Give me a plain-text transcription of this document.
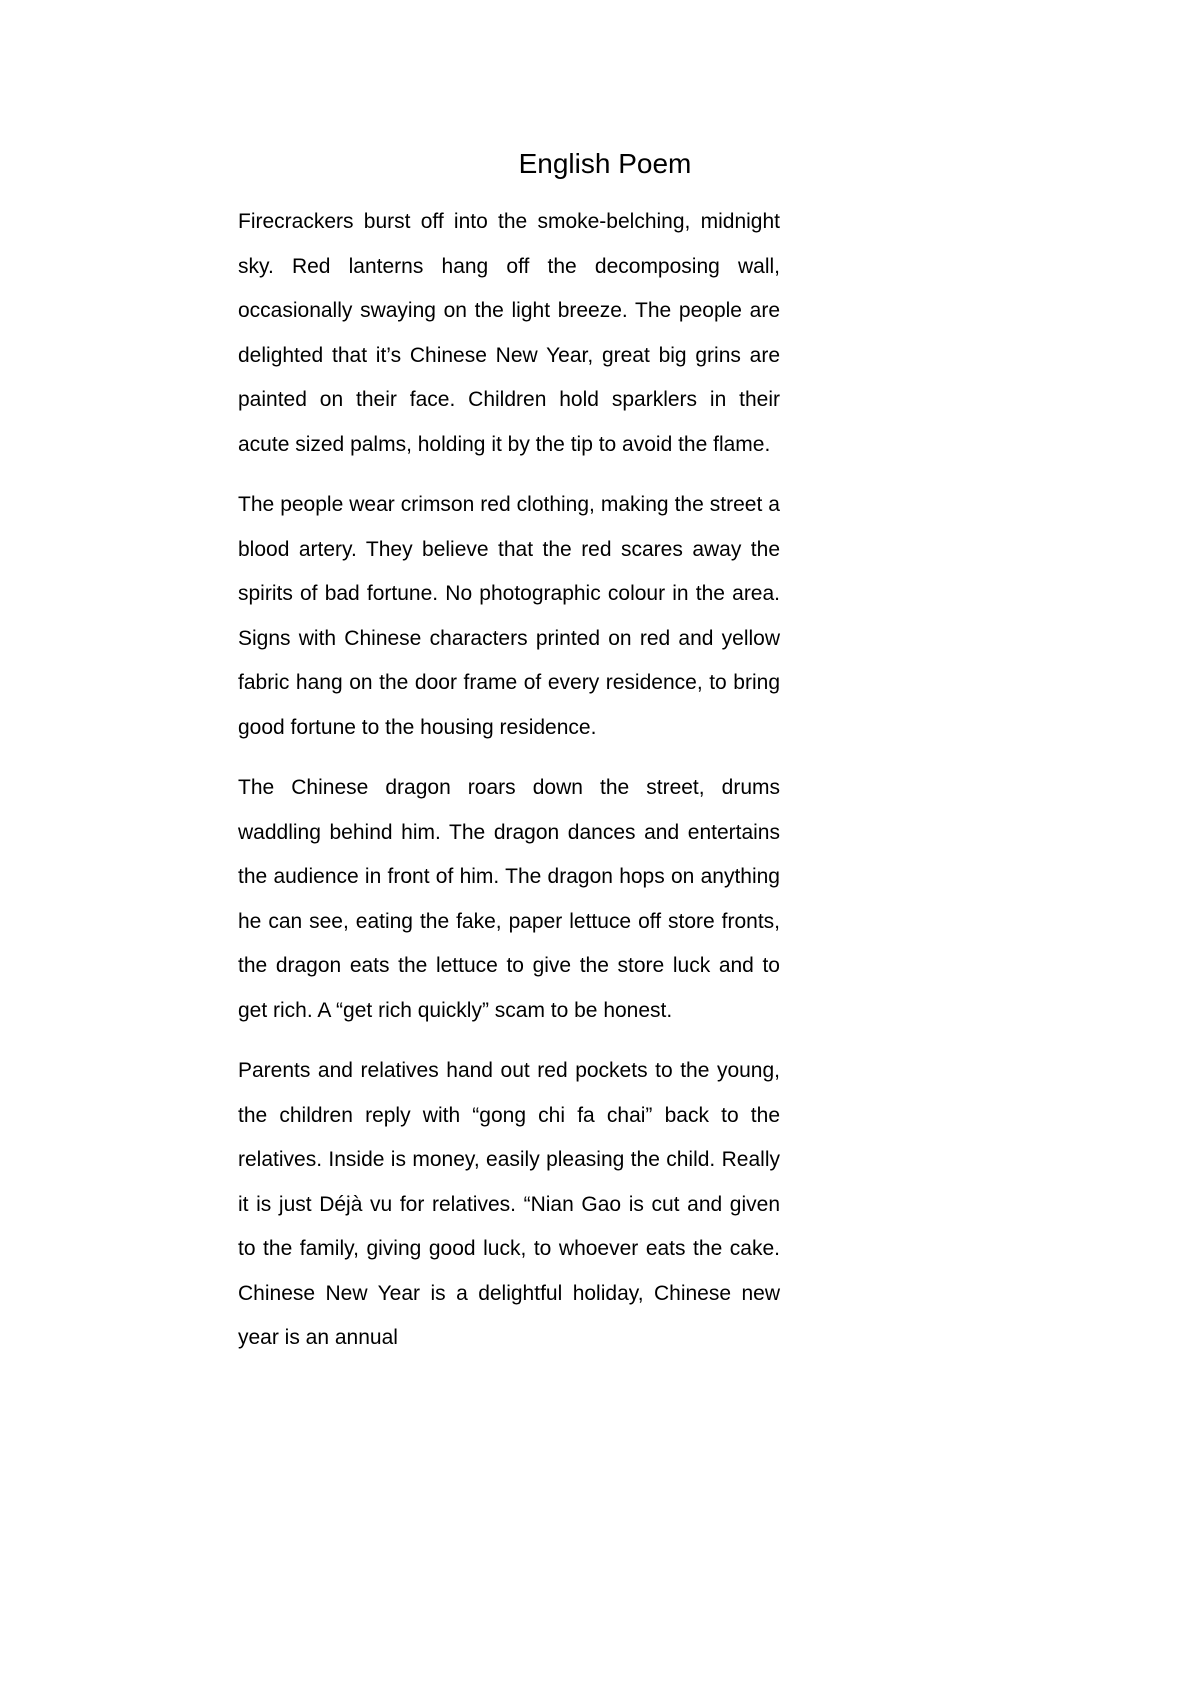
English Poem

Firecrackers burst off into the smoke-belching, midnight sky. Red lanterns hang off the decomposing wall, occasionally swaying on the light breeze. The people are delighted that it’s Chinese New Year, great big grins are painted on their face. Children hold sparklers in their acute sized palms, holding it by the tip to avoid the flame.

The people wear crimson red clothing, making the street a blood artery. They believe that the red scares away the spirits of bad fortune. No photographic colour in the area. Signs with Chinese characters printed on red and yellow fabric hang on the door frame of every residence, to bring good fortune to the housing residence.

The Chinese dragon roars down the street, drums waddling behind him. The dragon dances and entertains the audience in front of him. The dragon hops on anything he can see, eating the fake, paper lettuce off store fronts, the dragon eats the lettuce to give the store luck and to get rich. A “get rich quickly” scam to be honest.

Parents and relatives hand out red pockets to the young, the children reply with “gong chi fa chai” back to the relatives. Inside is money, easily pleasing the child. Really it is just Déjà vu for relatives. “Nian Gao is cut and given to the family, giving good luck, to whoever eats the cake. Chinese New Year is a delightful holiday, Chinese new year is an annual
